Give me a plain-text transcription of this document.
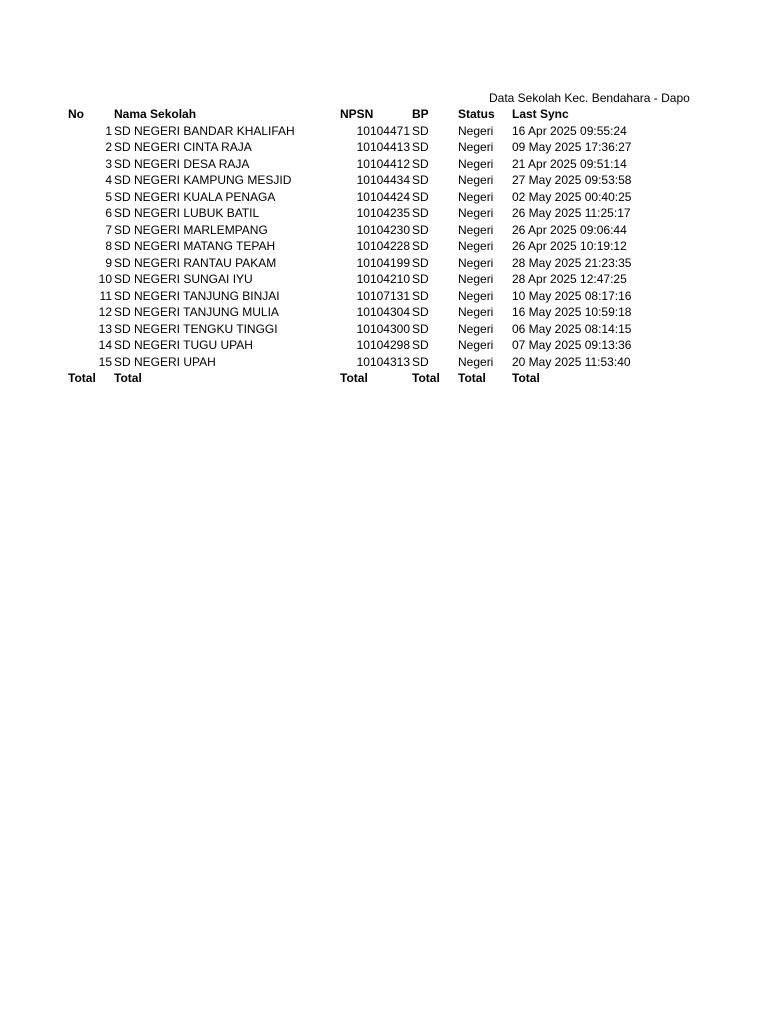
Data Sekolah Kec. Bendahara - Dapo
No	Nama Sekolah	NPSN	BP	Status	Last Sync
1 SD NEGERI BANDAR KHALIFAH	10104471 SD	Negeri	16 Apr 2025 09:55:24
2 SD NEGERI CINTA RAJA	10104413 SD	Negeri	09 May 2025 17:36:27
3 SD NEGERI DESA RAJA	10104412 SD	Negeri	21 Apr 2025 09:51:14
4 SD NEGERI KAMPUNG MESJID	10104434 SD	Negeri	27 May 2025 09:53:58
5 SD NEGERI KUALA PENAGA	10104424 SD	Negeri	02 May 2025 00:40:25
6 SD NEGERI LUBUK BATIL	10104235 SD	Negeri	26 May 2025 11:25:17
7 SD NEGERI MARLEMPANG	10104230 SD	Negeri	26 Apr 2025 09:06:44
8 SD NEGERI MATANG TEPAH	10104228 SD	Negeri	26 Apr 2025 10:19:12
9 SD NEGERI RANTAU PAKAM	10104199 SD	Negeri	28 May 2025 21:23:35
10 SD NEGERI SUNGAI IYU	10104210 SD	Negeri	28 Apr 2025 12:47:25
11 SD NEGERI TANJUNG BINJAI	10107131 SD	Negeri	10 May 2025 08:17:16
12 SD NEGERI TANJUNG MULIA	10104304 SD	Negeri	16 May 2025 10:59:18
13 SD NEGERI TENGKU TINGGI	10104300 SD	Negeri	06 May 2025 08:14:15
14 SD NEGERI TUGU UPAH	10104298 SD	Negeri	07 May 2025 09:13:36
15 SD NEGERI UPAH	10104313 SD	Negeri	20 May 2025 11:53:40
Total	Total	Total	Total	Total	Total
